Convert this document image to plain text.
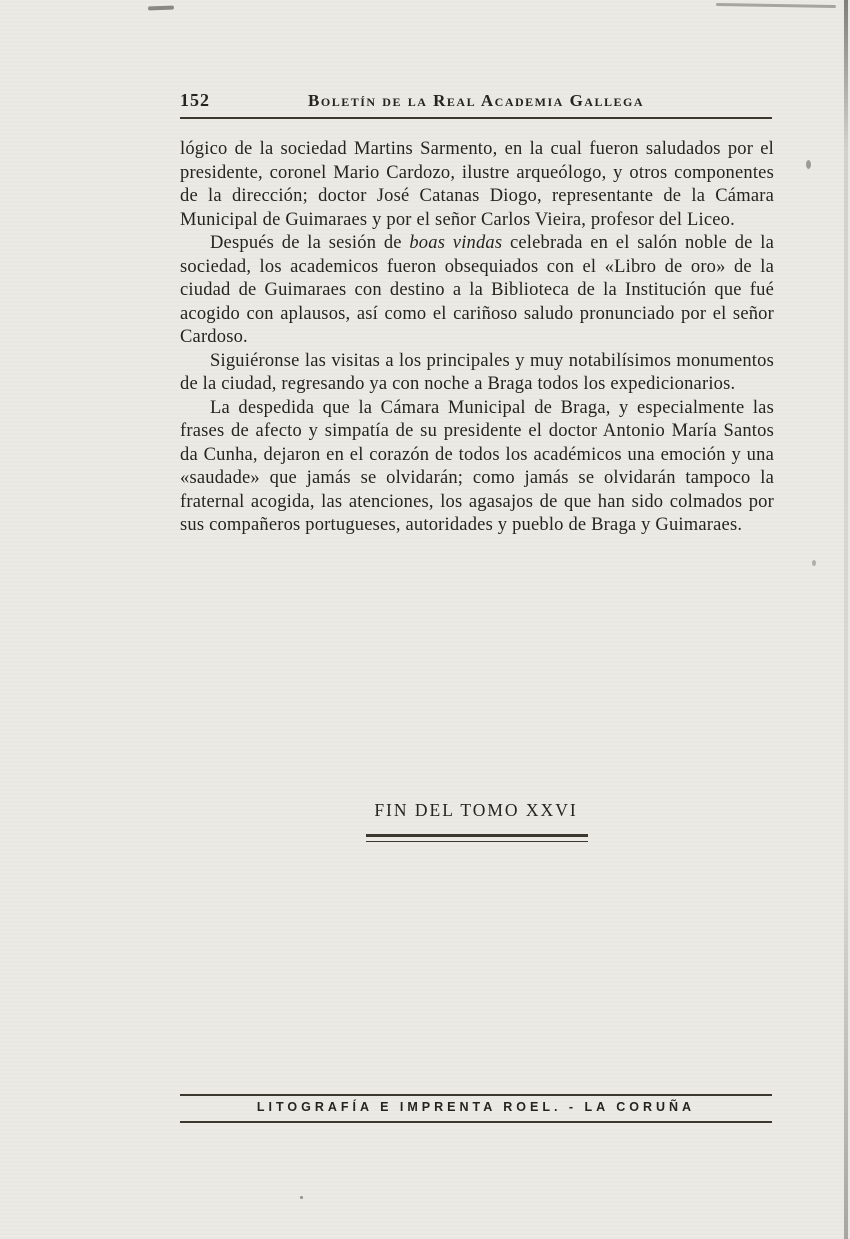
152	Boletín de la Real Academia Gallega

lógico de la sociedad Martins Sarmento, en la cual fueron saludados por el presidente, coronel Mario Cardozo, ilustre arqueólogo, y otros componentes de la dirección; doctor José Catanas Diogo, representante de la Cámara Municipal de Guimaraes y por el señor Carlos Vieira, profesor del Liceo.

Después de la sesión de boas vindas celebrada en el salón noble de la sociedad, los academicos fueron obsequiados con el «Libro de oro» de la ciudad de Guimaraes con destino a la Biblioteca de la Institución que fué acogido con aplausos, así como el cariñoso saludo pronunciado por el señor Cardoso.

Siguiéronse las visitas a los principales y muy notabilísimos monumentos de la ciudad, regresando ya con noche a Braga todos los expedicionarios.

La despedida que la Cámara Municipal de Braga, y especialmente las frases de afecto y simpatía de su presidente el doctor Antonio María Santos da Cunha, dejaron en el corazón de todos los académicos una emoción y una «saudade» que jamás se olvidarán; como jamás se olvidarán tampoco la fraternal acogida, las atenciones, los agasajos de que han sido colmados por sus compañeros portugueses, autoridades y pueblo de Braga y Guimaraes.

FIN DEL TOMO XXVI
LITOGRAFÍA E IMPRENTA ROEL. - LA CORUÑA
